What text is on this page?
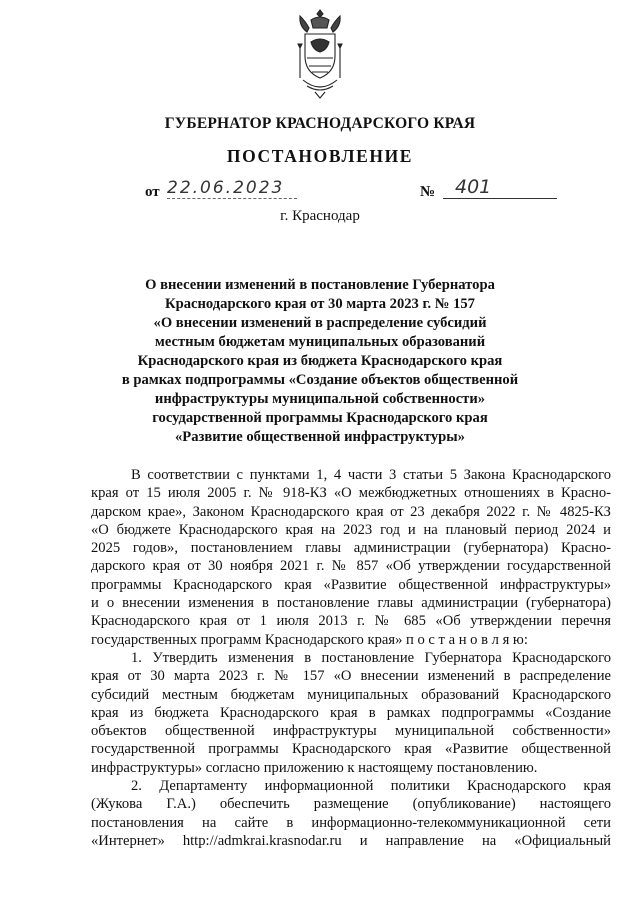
ГУБЕРНАТОР КРАСНОДАРСКОГО КРАЯ
ПОСТАНОВЛЕНИЕ
от 22.06.2023	№	401
г. Краснодар
О внесении изменений в постановление Губернатора
Краснодарского края от 30 марта 2023 г. № 157
«О внесении изменений в распределение субсидий
местным бюджетам муниципальных образований
Краснодарского края из бюджета Краснодарского края
в рамках подпрограммы «Создание объектов общественной
инфраструктуры муниципальной собственности»
государственной программы Краснодарского края
«Развитие общественной инфраструктуры»
В соответствии с пунктами 1, 4 части 3 статьи 5 Закона Краснодарского
края от 15 июля 2005 г. № 918-КЗ «О межбюджетных отношениях в Красно-
дарском крае», Законом Краснодарского края от 23 декабря 2022 г. № 4825-КЗ
«О бюджете Краснодарского края на 2023 год и на плановый период 2024 и
2025 годов», постановлением главы администрации (губернатора) Красно-
дарского края от 30 ноября 2021 г. № 857 «Об утверждении государственной
программы Краснодарского края «Развитие общественной инфраструктуры»
и о внесении изменения в постановление главы администрации (губернатора)
Краснодарского края от 1 июля 2013 г. № 685 «Об утверждении перечня
государственных программ Краснодарского края» п о с т а н о в л я ю:
1. Утвердить изменения в постановление Губернатора Краснодарского
края от 30 марта 2023 г. № 157 «О внесении изменений в распределение
субсидий местным бюджетам муниципальных образований Краснодарского
края из бюджета Краснодарского края в рамках подпрограммы «Создание
объектов общественной инфраструктуры муниципальной собственности»
государственной программы Краснодарского края «Развитие общественной
инфраструктуры» согласно приложению к настоящему постановлению.
2. Департаменту информационной политики Краснодарского края
(Жукова Г.А.) обеспечить размещение (опубликование) настоящего
постановления на сайте в информационно-телекоммуникационной сети
«Интернет» http://admkrai.krasnodar.ru и направление на «Официальный
